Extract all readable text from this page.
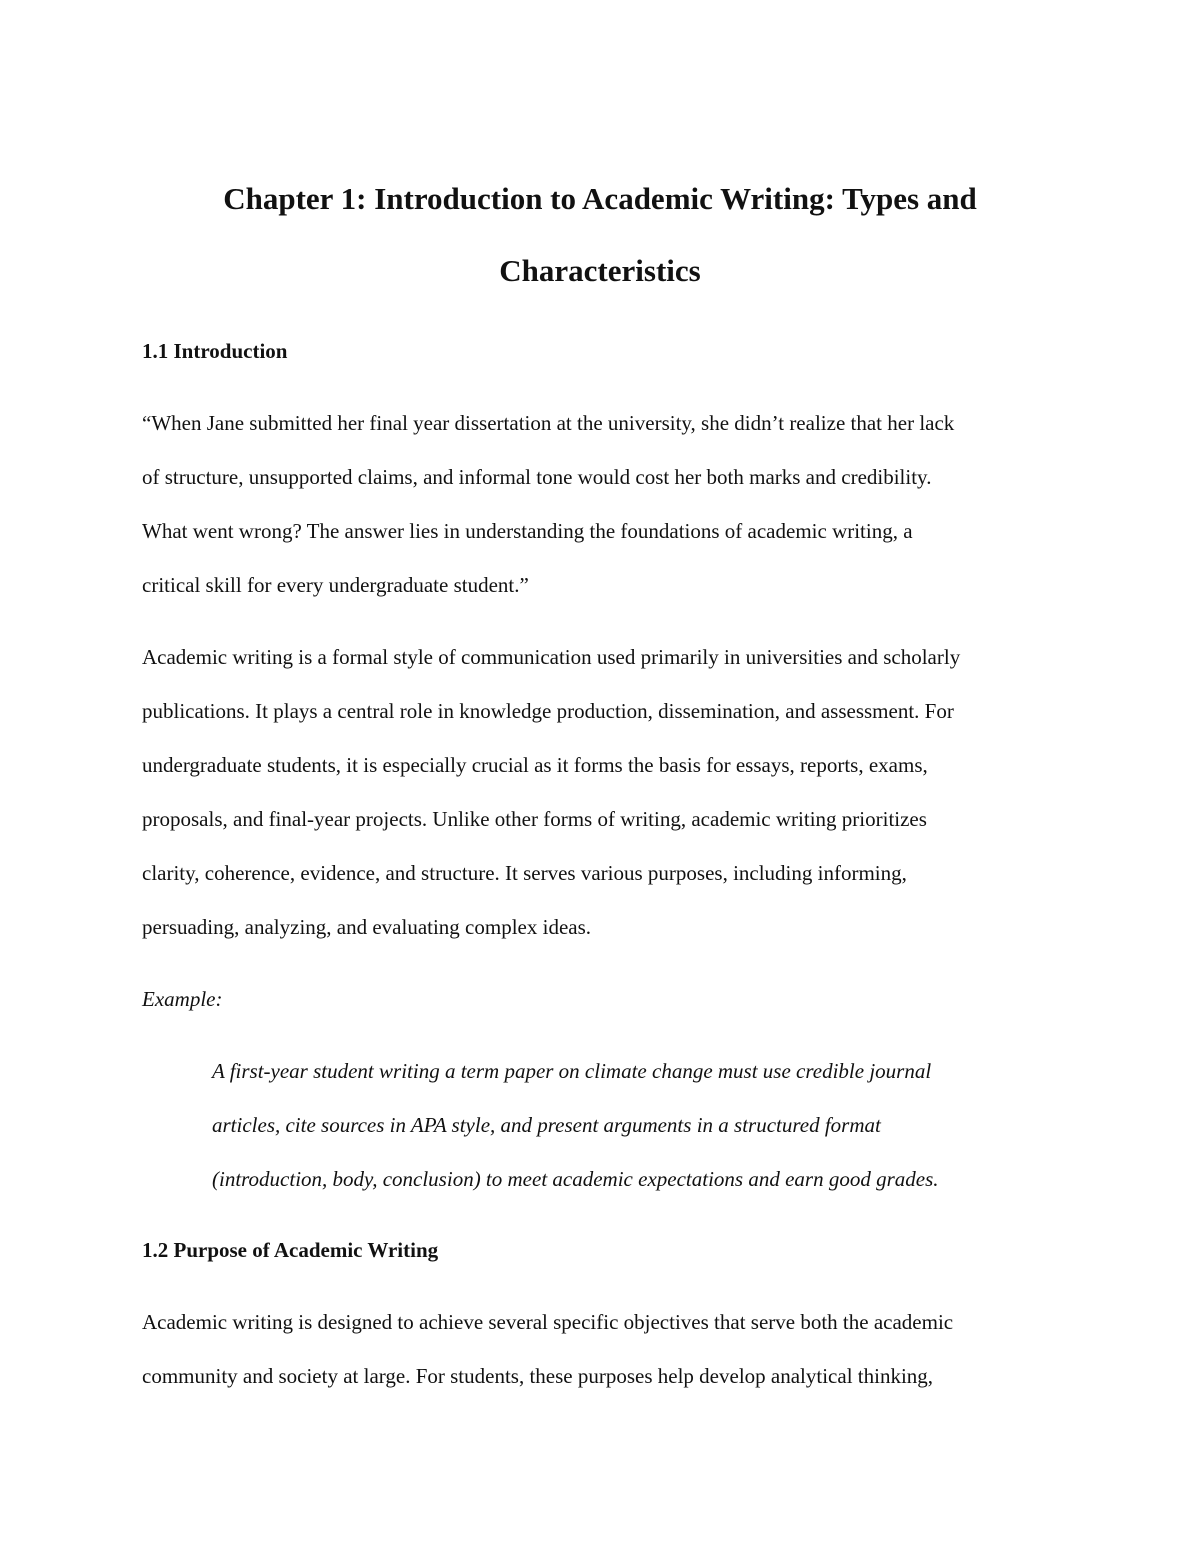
Chapter 1: Introduction to Academic Writing: Types and
Characteristics
1.1 Introduction

“When Jane submitted her final year dissertation at the university, she didn’t realize that her lack

of structure, unsupported claims, and informal tone would cost her both marks and credibility.

What went wrong? The answer lies in understanding the foundations of academic writing, a

critical skill for every undergraduate student.”

Academic writing is a formal style of communication used primarily in universities and scholarly

publications. It plays a central role in knowledge production, dissemination, and assessment. For

undergraduate students, it is especially crucial as it forms the basis for essays, reports, exams,

proposals, and final-year projects. Unlike other forms of writing, academic writing prioritizes

clarity, coherence, evidence, and structure. It serves various purposes, including informing,

persuading, analyzing, and evaluating complex ideas.

Example:

A first-year student writing a term paper on climate change must use credible journal

articles, cite sources in APA style, and present arguments in a structured format

(introduction, body, conclusion) to meet academic expectations and earn good grades.

1.2 Purpose of Academic Writing

Academic writing is designed to achieve several specific objectives that serve both the academic

community and society at large. For students, these purposes help develop analytical thinking,
